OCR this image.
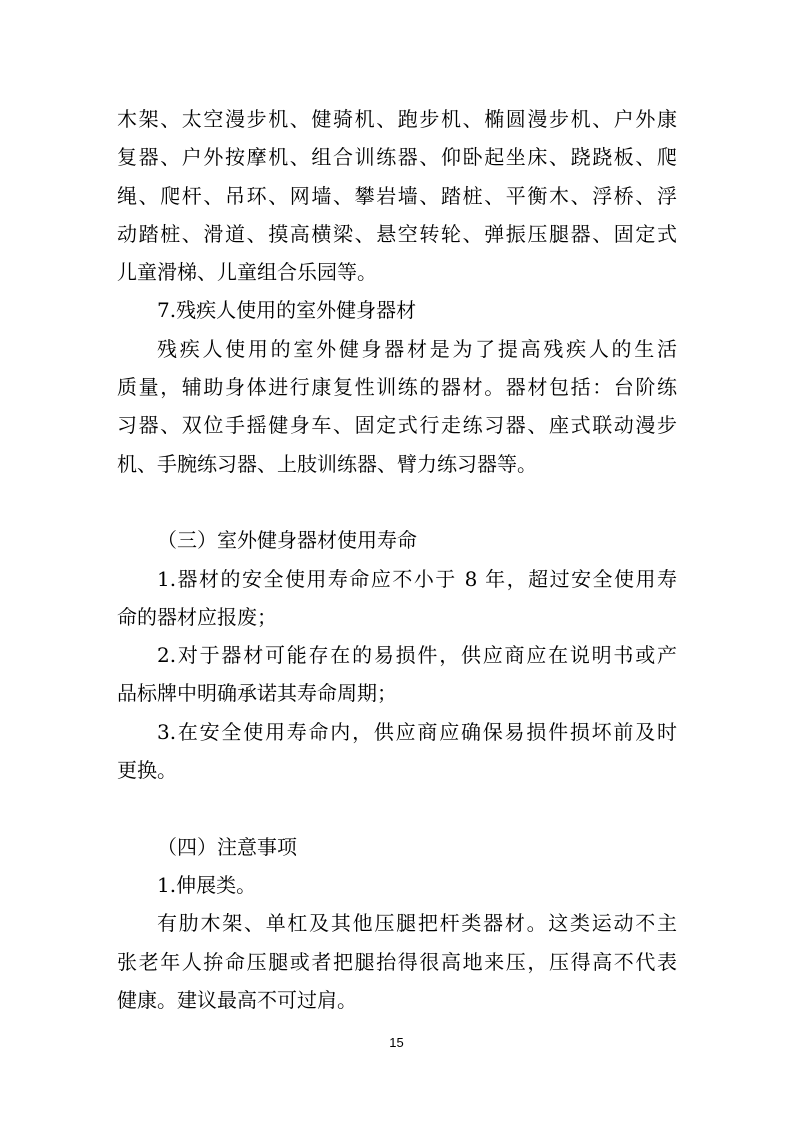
木架、太空漫步机、健骑机、跑步机、椭圆漫步机、户外康
复器、户外按摩机、组合训练器、仰卧起坐床、跷跷板、爬
绳、爬杆、吊环、网墙、攀岩墙、踏桩、平衡木、浮桥、浮
动踏桩、滑道、摸高横梁、悬空转轮、弹振压腿器、固定式
儿童滑梯、儿童组合乐园等。
7.残疾人使用的室外健身器材
残疾人使用的室外健身器材是为了提高残疾人的生活
质量，辅助身体进行康复性训练的器材。器材包括：台阶练
习器、双位手摇健身车、固定式行走练习器、座式联动漫步
机、手腕练习器、上肢训练器、臂力练习器等。
（三）室外健身器材使用寿命
1.器材的安全使用寿命应不小于 8 年，超过安全使用寿
命的器材应报废；
2.对于器材可能存在的易损件，供应商应在说明书或产
品标牌中明确承诺其寿命周期；
3.在安全使用寿命内，供应商应确保易损件损坏前及时
更换。
（四）注意事项
1.伸展类。
有肋木架、单杠及其他压腿把杆类器材。这类运动不主
张老年人拚命压腿或者把腿抬得很高地来压，压得高不代表
健康。建议最高不可过肩。
15
